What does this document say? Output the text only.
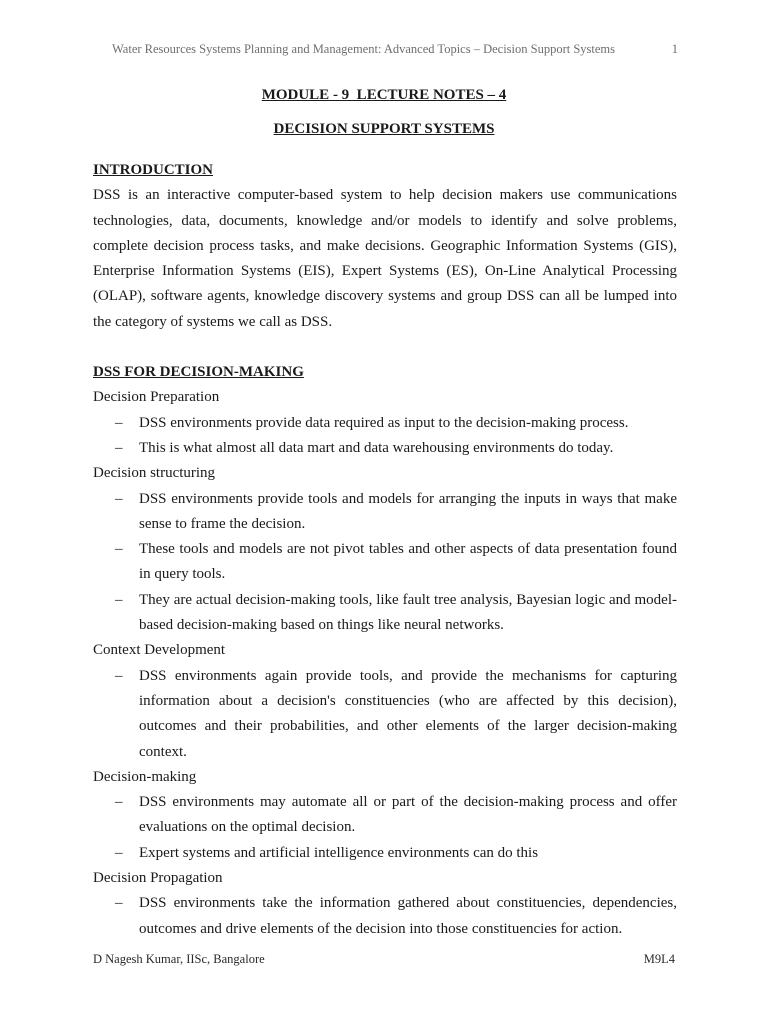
Water Resources Systems Planning and Management: Advanced Topics – Decision Support Systems	1
MODULE - 9  LECTURE NOTES – 4
DECISION SUPPORT SYSTEMS

INTRODUCTION

DSS is an interactive computer-based system to help decision makers use communications technologies, data, documents, knowledge and/or models to identify and solve problems, complete decision process tasks, and make decisions. Geographic Information Systems (GIS), Enterprise Information Systems (EIS), Expert Systems (ES), On-Line Analytical Processing (OLAP), software agents, knowledge discovery systems and group DSS can all be lumped into the category of systems we call as DSS.

DSS FOR DECISION-MAKING

Decision Preparation

– DSS environments provide data required as input to the decision-making process.

– This is what almost all data mart and data warehousing environments do today.

Decision structuring

– DSS environments provide tools and models for arranging the inputs in ways that make sense to frame the decision.

– These tools and models are not pivot tables and other aspects of data presentation found in query tools.

– They are actual decision-making tools, like fault tree analysis, Bayesian logic and model-based decision-making based on things like neural networks.

Context Development

– DSS environments again provide tools, and provide the mechanisms for capturing information about a decision's constituencies (who are affected by this decision), outcomes and their probabilities, and other elements of the larger decision-making context.

Decision-making

– DSS environments may automate all or part of the decision-making process and offer evaluations on the optimal decision.

– Expert systems and artificial intelligence environments can do this

Decision Propagation

– DSS environments take the information gathered about constituencies, dependencies, outcomes and drive elements of the decision into those constituencies for action.

D Nagesh Kumar, IISc, Bangalore	M9L4
